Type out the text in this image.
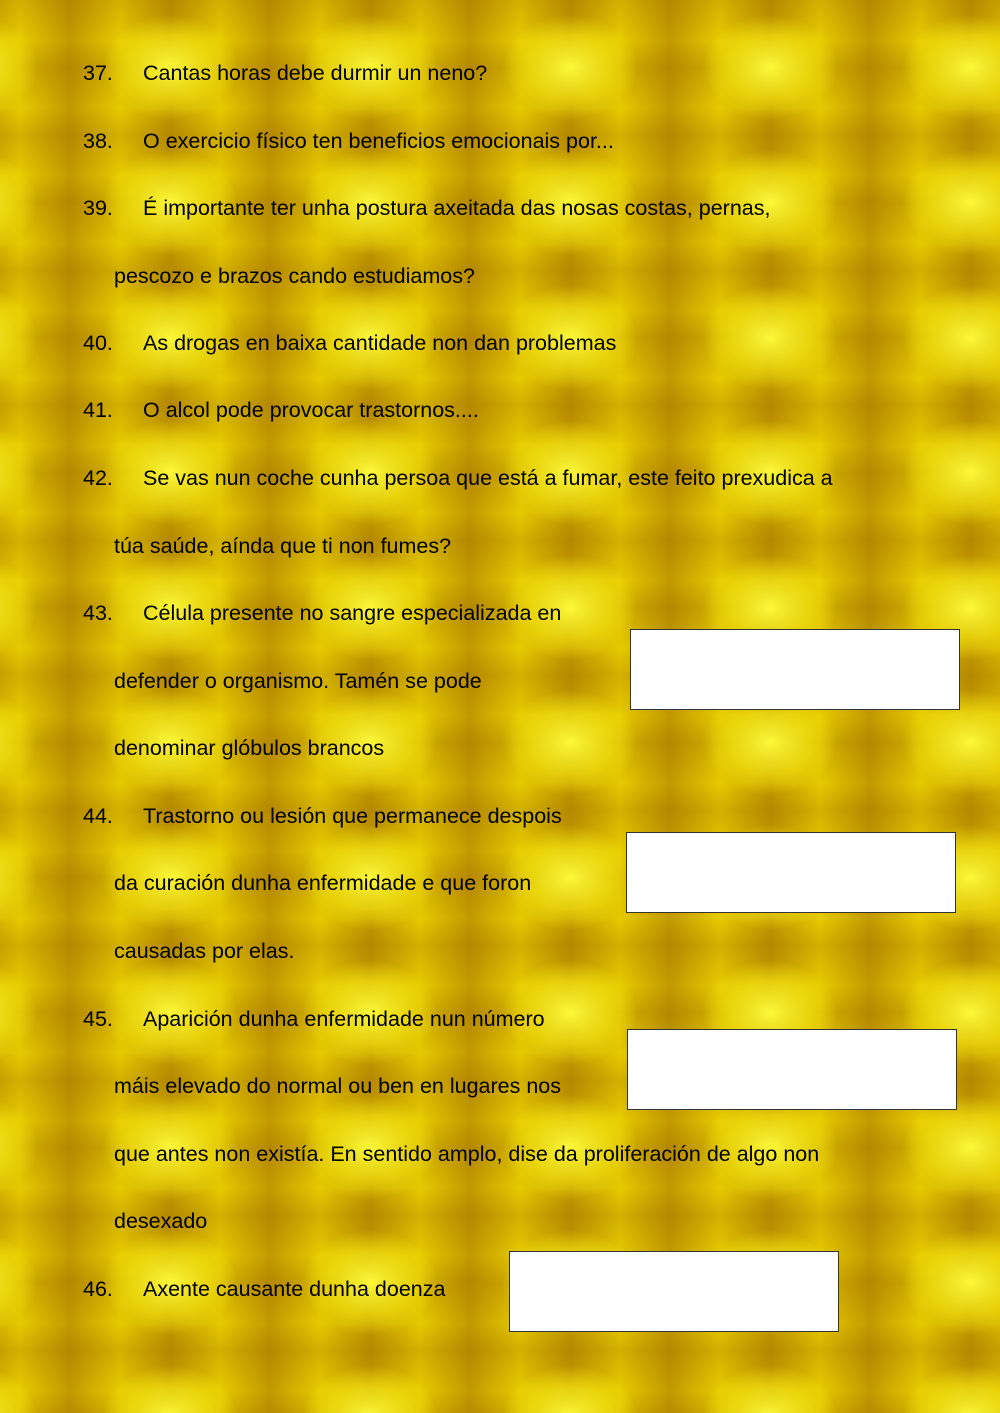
37. Cantas horas debe durmir un neno?
38. O exercicio físico ten beneficios emocionais por...
39. É importante ter unha postura axeitada das nosas costas, pernas,
pescozo e brazos cando estudiamos?
40. As drogas en baixa cantidade non dan problemas
41. O alcol pode provocar trastornos....
42. Se vas nun coche cunha persoa que está a fumar, este feito prexudica a
túa saúde, aínda que ti non fumes?
43. Célula presente no sangre especializada en
defender o organismo. Tamén se pode
denominar glóbulos brancos
44. Trastorno ou lesión que permanece despois
da curación dunha enfermidade e que foron
causadas por elas.
45. Aparición dunha enfermidade nun número
máis elevado do normal ou ben en lugares nos
que antes non existía. En sentido amplo, dise da proliferación de algo non
desexado
46. Axente causante dunha doenza
